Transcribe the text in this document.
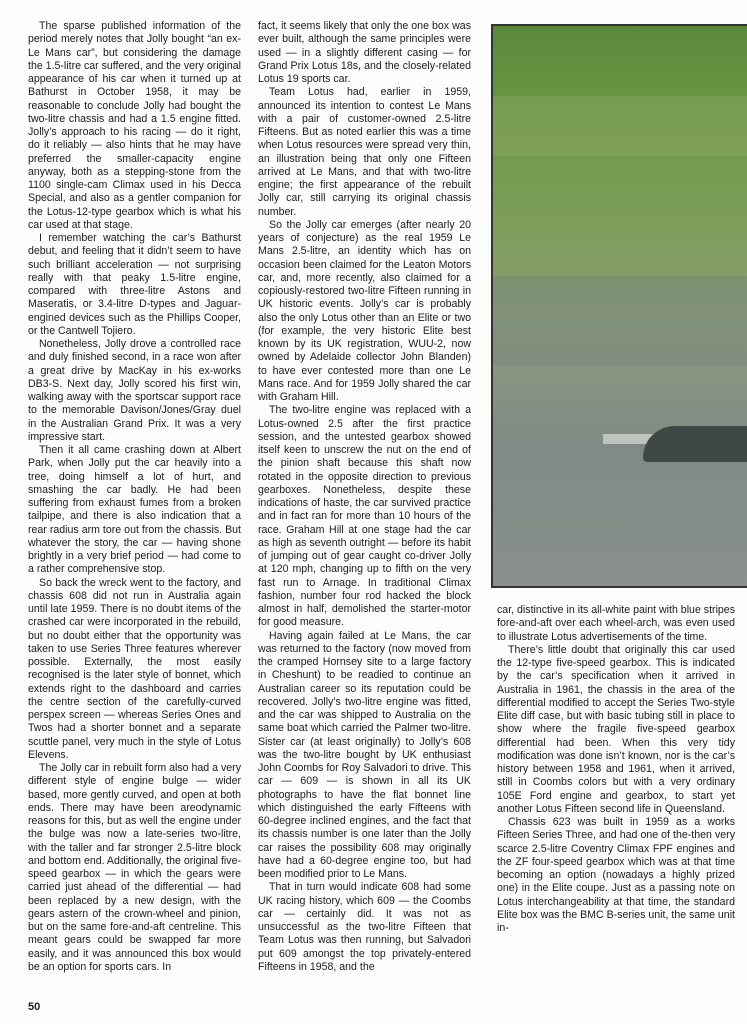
The sparse published information of the period merely notes that Jolly bought “an ex-Le Mans car”, but considering the damage the 1.5-litre car suffered, and the very original appearance of his car when it turned up at Bathurst in October 1958, it may be reasonable to conclude Jolly had bought the two-litre chassis and had a 1.5 engine fitted. Jolly’s approach to his racing — do it right, do it reliably — also hints that he may have preferred the smaller-capacity engine anyway, both as a stepping-stone from the 1100 single-cam Climax used in his Decca Special, and also as a gentler companion for the Lotus-12-type gearbox which is what his car used at that stage.

I remember watching the car’s Bathurst debut, and feeling that it didn’t seem to have such brilliant acceleration — not surprising really with that peaky 1.5-litre engine, compared with three-litre Astons and Maseratis, or 3.4-litre D-types and Jaguar-engined devices such as the Phillips Cooper, or the Cantwell Tojiero.

Nonetheless, Jolly drove a controlled race and duly finished second, in a race won after a great drive by MacKay in his ex-works DB3-S. Next day, Jolly scored his first win, walking away with the sportscar support race to the memorable Davison/Jones/Gray duel in the Australian Grand Prix. It was a very impressive start.

Then it all came crashing down at Albert Park, when Jolly put the car heavily into a tree, doing himself a lot of hurt, and smashing the car badly. He had been suffering from exhaust fumes from a broken tailpipe, and there is also indication that a rear radius arm tore out from the chassis. But whatever the story, the car — having shone brightly in a very brief period — had come to a rather comprehensive stop.

So back the wreck went to the factory, and chassis 608 did not run in Australia again until late 1959. There is no doubt items of the crashed car were incorporated in the rebuild, but no doubt either that the opportunity was taken to use Series Three features wherever possible. Externally, the most easily recognised is the later style of bonnet, which extends right to the dashboard and carries the centre section of the carefully-curved perspex screen — whereas Series Ones and Twos had a shorter bonnet and a separate scuttle panel, very much in the style of Lotus Elevens.

The Jolly car in rebuilt form also had a very different style of engine bulge — wider based, more gently curved, and open at both ends. There may have been areodynamic reasons for this, but as well the engine under the bulge was now a late-series two-litre, with the taller and far stronger 2.5-litre block and bottom end. Additionally, the original five-speed gearbox — in which the gears were carried just ahead of the differential — had been replaced by a new design, with the gears astern of the crown-wheel and pinion, but on the same fore-and-aft centreline. This meant gears could be swapped far more easily, and it was announced this box would be an option for sports cars. In

fact, it seems likely that only the one box was ever built, although the same principles were used — in a slightly different casing — for Grand Prix Lotus 18s, and the closely-related Lotus 19 sports car.

Team Lotus had, earlier in 1959, announced its intention to contest Le Mans with a pair of customer-owned 2.5-litre Fifteens. But as noted earlier this was a time when Lotus resources were spread very thin, an illustration being that only one Fifteen arrived at Le Mans, and that with two-litre engine; the first appearance of the rebuilt Jolly car, still carrying its original chassis number.

So the Jolly car emerges (after nearly 20 years of conjecture) as the real 1959 Le Mans 2.5-litre, an identity which has on occasion been claimed for the Leaton Motors car, and, more recently, also claimed for a copiously-restored two-litre Fifteen running in UK historic events. Jolly’s car is probably also the only Lotus other than an Elite or two (for example, the very historic Elite best known by its UK registration, WUU-2, now owned by Adelaide collector John Blanden) to have ever contested more than one Le Mans race. And for 1959 Jolly shared the car with Graham Hill.

The two-litre engine was replaced with a Lotus-owned 2.5 after the first practice session, and the untested gearbox showed itself keen to unscrew the nut on the end of the pinion shaft because this shaft now rotated in the opposite direction to previous gearboxes. Nonetheless, despite these indications of haste, the car survived practice and in fact ran for more than 10 hours of the race. Graham Hill at one stage had the car as high as seventh outright — before its habit of jumping out of gear caught co-driver Jolly at 120 mph, changing up to fifth on the very fast run to Arnage. In traditional Climax fashion, number four rod hacked the block almost in half, demolished the starter-motor for good measure.

Having again failed at Le Mans, the car was returned to the factory (now moved from the cramped Hornsey site to a large factory in Cheshunt) to be readied to continue an Australian career so its reputation could be recovered. Jolly’s two-litre engine was fitted, and the car was shipped to Australia on the same boat which carried the Palmer two-litre. Sister car (at least originally) to Jolly’s 608 was the two-litre bought by UK enthusiast John Coombs for Roy Salvadori to drive. This car — 609 — is shown in all its UK photographs to have the flat bonnet line which distinguished the early Fifteens with 60-degree inclined engines, and the fact that its chassis number is one later than the Jolly car raises the possibility 608 may originally have had a 60-degree engine too, but had been modified prior to Le Mans.

That in turn would indicate 608 had some UK racing history, which 609 — the Coombs car — certainly did. It was not as unsuccessful as the two-litre Fifteen that Team Lotus was then running, but Salvadori put 609 amongst the top privately-entered Fifteens in 1958, and the

car, distinctive in its all-white paint with blue stripes fore-and-aft over each wheel-arch, was even used to illustrate Lotus advertisements of the time.

There’s little doubt that originally this car used the 12-type five-speed gearbox. This is indicated by the car’s specification when it arrived in Australia in 1961, the chassis in the area of the differential modified to accept the Series Two-style Elite diff case, but with basic tubing still in place to show where the fragile five-speed gearbox differential had been. When this very tidy modification was done isn’t known, nor is the car’s history between 1958 and 1961, when it arrived, still in Coombs colors but with a very ordinary 105E Ford engine and gearbox, to start yet another Lotus Fifteen second life in Queensland.

Chassis 623 was built in 1959 as a works Fifteen Series Three, and had one of the-then very scarce 2.5-litre Coventry Climax FPF engines and the ZF four-speed gearbox which was at that time becoming an option (nowadays a highly prized one) in the Elite coupe. Just as a passing note on Lotus interchangeability at that time, the standard Elite box was the BMC B-series unit, the same unit in-

50
